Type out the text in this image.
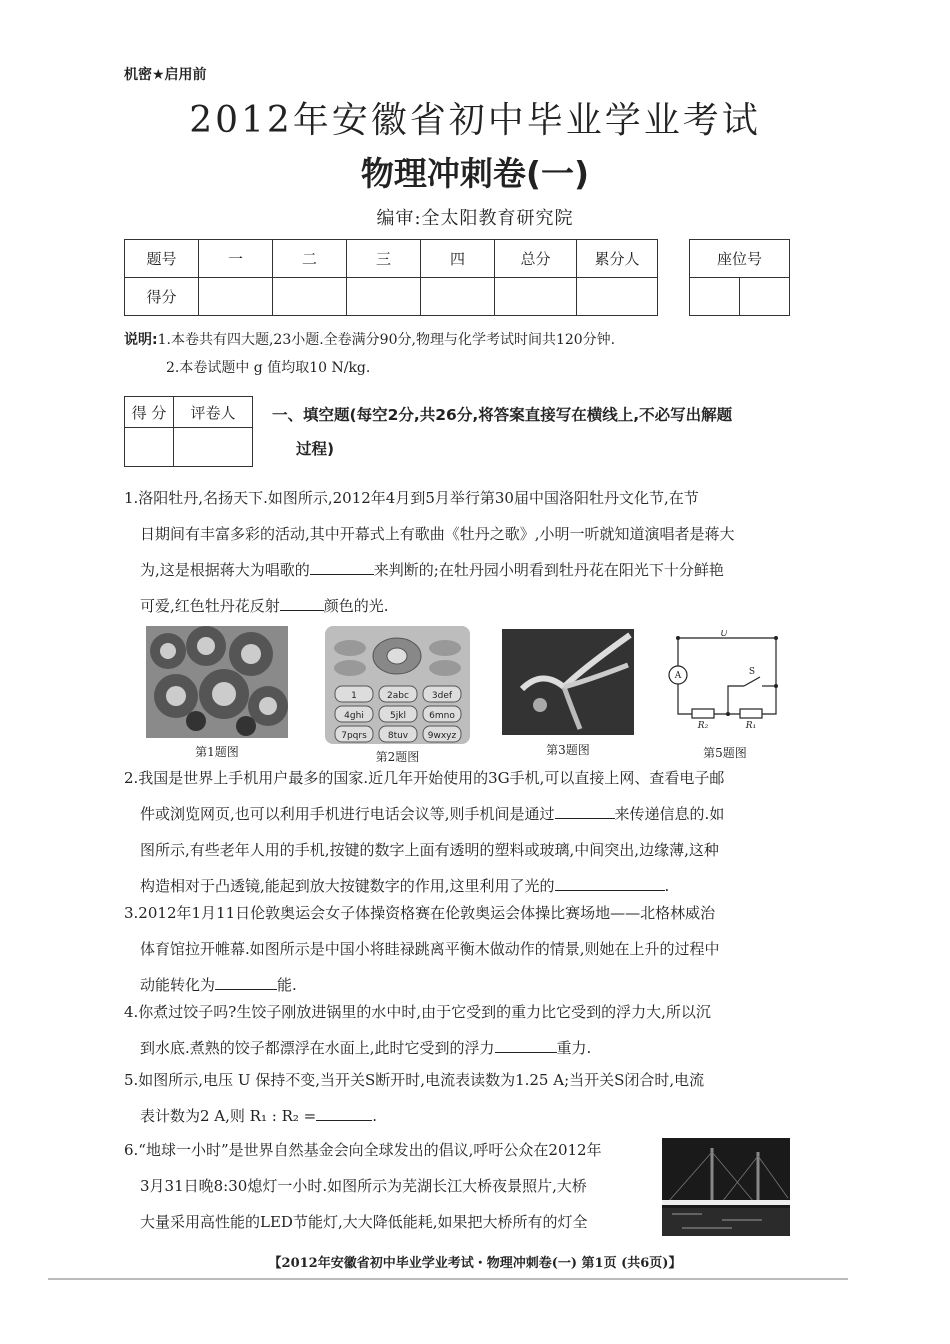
机密★启用前
2012年安徽省初中毕业学业考试
物理冲刺卷(一)
编审:全太阳教育研究院
题号	一	二	三	四	总分	累分人
得分						
座位号

说明:1.本卷共有四大题,23小题.全卷满分90分,物理与化学考试时间共120分钟.
2.本卷试题中 g 值均取10 N/kg.
得 分	评卷人
	一、填空题(每空2分,共26分,将答案直接写在横线上,不必写出解题
过程)
1.洛阳牡丹,名扬天下.如图所示,2012年4月到5月举行第30届中国洛阳牡丹文化节,在节
日期间有丰富多彩的活动,其中开幕式上有歌曲《牡丹之歌》,小明一听就知道演唱者是蒋大
为,这是根据蒋大为唱歌的	来判断的;在牡丹园小明看到牡丹花在阳光下十分鲜艳
可爱,红色牡丹花反射	颜色的光.
第1题图
1	2abc	3def
4ghi	5jkl	6mno
7pqrs 8tuv 9wxyz
第2题图	第3题图
U
A	S
R₂	R₁
第5题图
2.我国是世界上手机用户最多的国家.近几年开始使用的3G手机,可以直接上网、查看电子邮
件或浏览网页,也可以利用手机进行电话会议等,则手机间是通过	来传递信息的.如
图所示,有些老年人用的手机,按键的数字上面有透明的塑料或玻璃,中间突出,边缘薄,这种
构造相对于凸透镜,能起到放大按键数字的作用,这里利用了光的	.
3.2012年1月11日伦敦奥运会女子体操资格赛在伦敦奥运会体操比赛场地——北格林威治
体育馆拉开帷幕.如图所示是中国小将眭禄跳离平衡木做动作的情景,则她在上升的过程中
动能转化为	能.
4.你煮过饺子吗?生饺子刚放进锅里的水中时,由于它受到的重力比它受到的浮力大,所以沉
到水底.煮熟的饺子都漂浮在水面上,此时它受到的浮力	重力.
5.如图所示,电压 U 保持不变,当开关S断开时,电流表读数为1.25 A;当开关S闭合时,电流
表计数为2 A,则 R₁ : R₂ =	.
6.“地球一小时”是世界自然基金会向全球发出的倡议,呼吁公众在2012年
3月31日晚8:30熄灯一小时.如图所示为芜湖长江大桥夜景照片,大桥
大量采用高性能的LED节能灯,大大降低能耗,如果把大桥所有的灯全
【2012年安徽省初中毕业学业考试・物理冲刺卷(一) 第1页 (共6页)】
